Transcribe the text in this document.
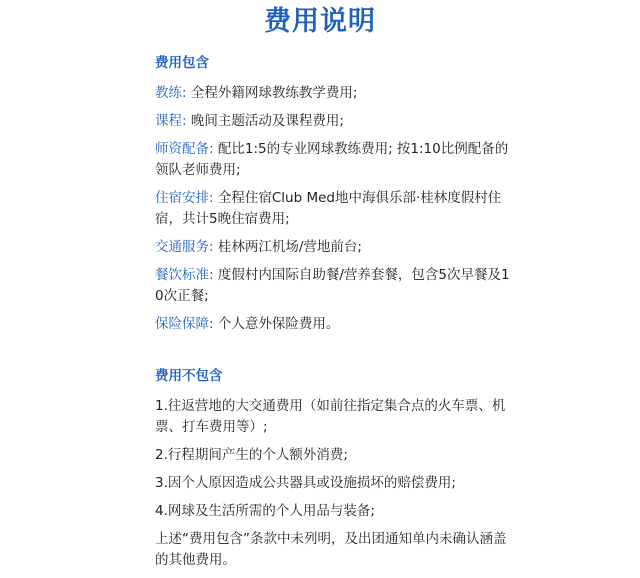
费用说明
费用包含
教练: 全程外籍网球教练教学费用;
课程: 晚间主题活动及课程费用;
师资配备: 配比1:5的专业网球教练费用; 按1:10比例配备的领队老师费用;
住宿安排: 全程住宿Club Med地中海俱乐部·桂林度假村住宿，共计5晚住宿费用;
交通服务: 桂林两江机场/营地前台;
餐饮标准: 度假村内国际自助餐/营养套餐，包含5次早餐及10次正餐;
保险保障: 个人意外保险费用。
费用不包含
1.往返营地的大交通费用（如前往指定集合点的火车票、机票、打车费用等）;
2.行程期间产生的个人额外消费;
3.因个人原因造成公共器具或设施损坏的赔偿费用;
4.网球及生活所需的个人用品与装备;
上述“费用包含”条款中未列明，及出团通知单内未确认涵盖的其他费用。
